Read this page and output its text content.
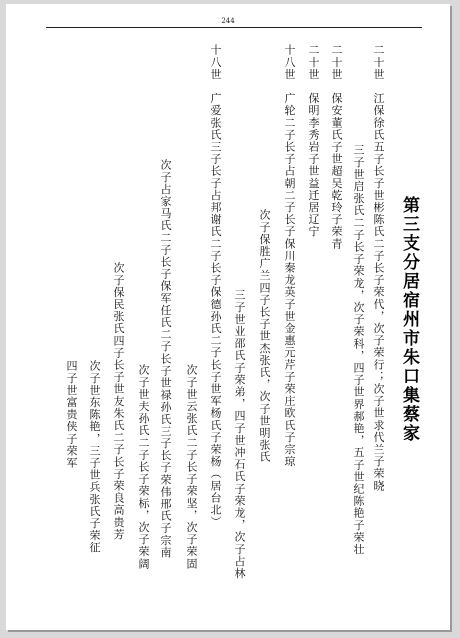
244
第三支分居宿州市朱口集蔡家
二十世　江保徐氏五子长子世彬陈氏二子长子荣代，次子荣行；次子世求代兰子荣晓
三子世启张氏二子长子荣龙，次子荣科，四子世界郝艳，五子世纪陈艳子荣壮
二十世　保安董氏子世超吴乾玲子荣青
二十世　保明李秀岩子世益迁居辽宁
十八世　广轮二子长子占朝二子长子保川秦龙英子世金惠元芹子荣庄欧氏子宗琼
次子保胜广兰四子长子世杰张氏，次子世明张氏
三子世业邵氏子荣弟，四子世冲石氏子荣龙，次子占林
十八世　广爱张氏三子长子占邦谢氏二子长子保德孙氏二子长子世军杨氏子荣杨（居台北）
次子占家马氏二子长子保军任氏二子长子世禄孙氏三子长子荣伟邢氏子宗南 次子世云张氏二子长子荣坚，次子荣固
次子保民张氏四子长子世友朱氏二子长子荣良高贵芳 次子世夫孙氏二子长子荣标，次子荣阔
次子世东陈艳，三子世兵张氏子荣征
四子世富贵侠子荣军
